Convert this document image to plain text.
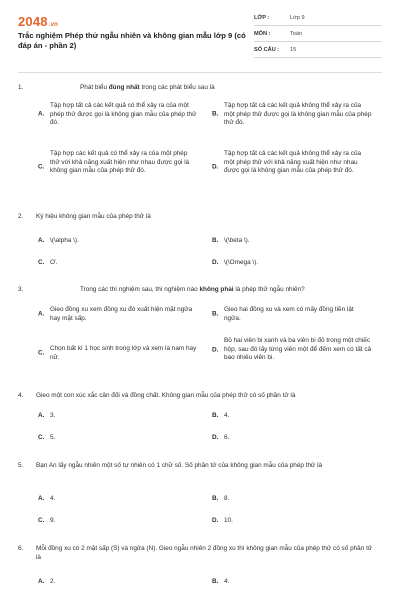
2048.vn
Trắc nghiệm Phép thử ngẫu nhiên và không gian mẫu lớp 9 (có đáp án - phần 2)
LỚP :	Lớp 9
MÔN :	Toán
SỐ CÂU :	15
1.	Phát biểu đúng nhất trong các phát biểu sau là
A.
Tập hợp tất cả các kết quả có thể xảy ra của một phép thử được gọi là không gian mẫu của phép thử đó.
B.
Tập hợp tất cả các kết quả không thể xảy ra của một phép thử được gọi là không gian mẫu của phép thử đó.
C.
Tập hợp các kết quả có thể xảy ra của một phép thử với khả năng xuất hiện như nhau được gọi là không gian mẫu của phép thử đó.
D.
Tập hợp tất cả các kết quả không thể xảy ra của một phép thử với khả năng xuất hiện như nhau được gọi là không gian mẫu của phép thử đó.
2.	Ký hiệu không gian mẫu của phép thử là
A. \(\alpha \).	B. \(\beta \).
C. Ơ.	D. \(\Omega \).
3.	Trong các thí nghiệm sau, thí nghiệm nào không phải là phép thử ngẫu nhiên?
A.
Gieo đồng xu xem đồng xu đó xuất hiện mặt ngửa hay mặt sấp.
B.
Gieo hai đồng xu và xem có mấy đồng tiền lật ngửa.
C.
Chọn bất kì 1 học sinh trong lớp và xem là nam hay nữ.
D.
Bỏ hai viên bi xanh và ba viên bi đỏ trong một chiếc hộp, sau đó lấy từng viên một để đếm xem có tất cả bao nhiêu viên bi.
4.	Gieo một con xúc xắc cân đối và đồng chất. Không gian mẫu của phép thử có số phần tử là
A. 3.	B. 4.
C. 5.	D. 6.
5.	Bạn An lấy ngẫu nhiên một số tự nhiên có 1 chữ số. Số phần tử của không gian mẫu của phép thử là
A. 4.	B. 8.
C. 9.	D. 10.
6.	Mỗi đồng xu có 2 mặt sấp (S) và ngửa (N). Gieo ngẫu nhiên 2 đồng xu thì không gian mẫu của phép thử có số phần tử là
A. 2.	B. 4.
